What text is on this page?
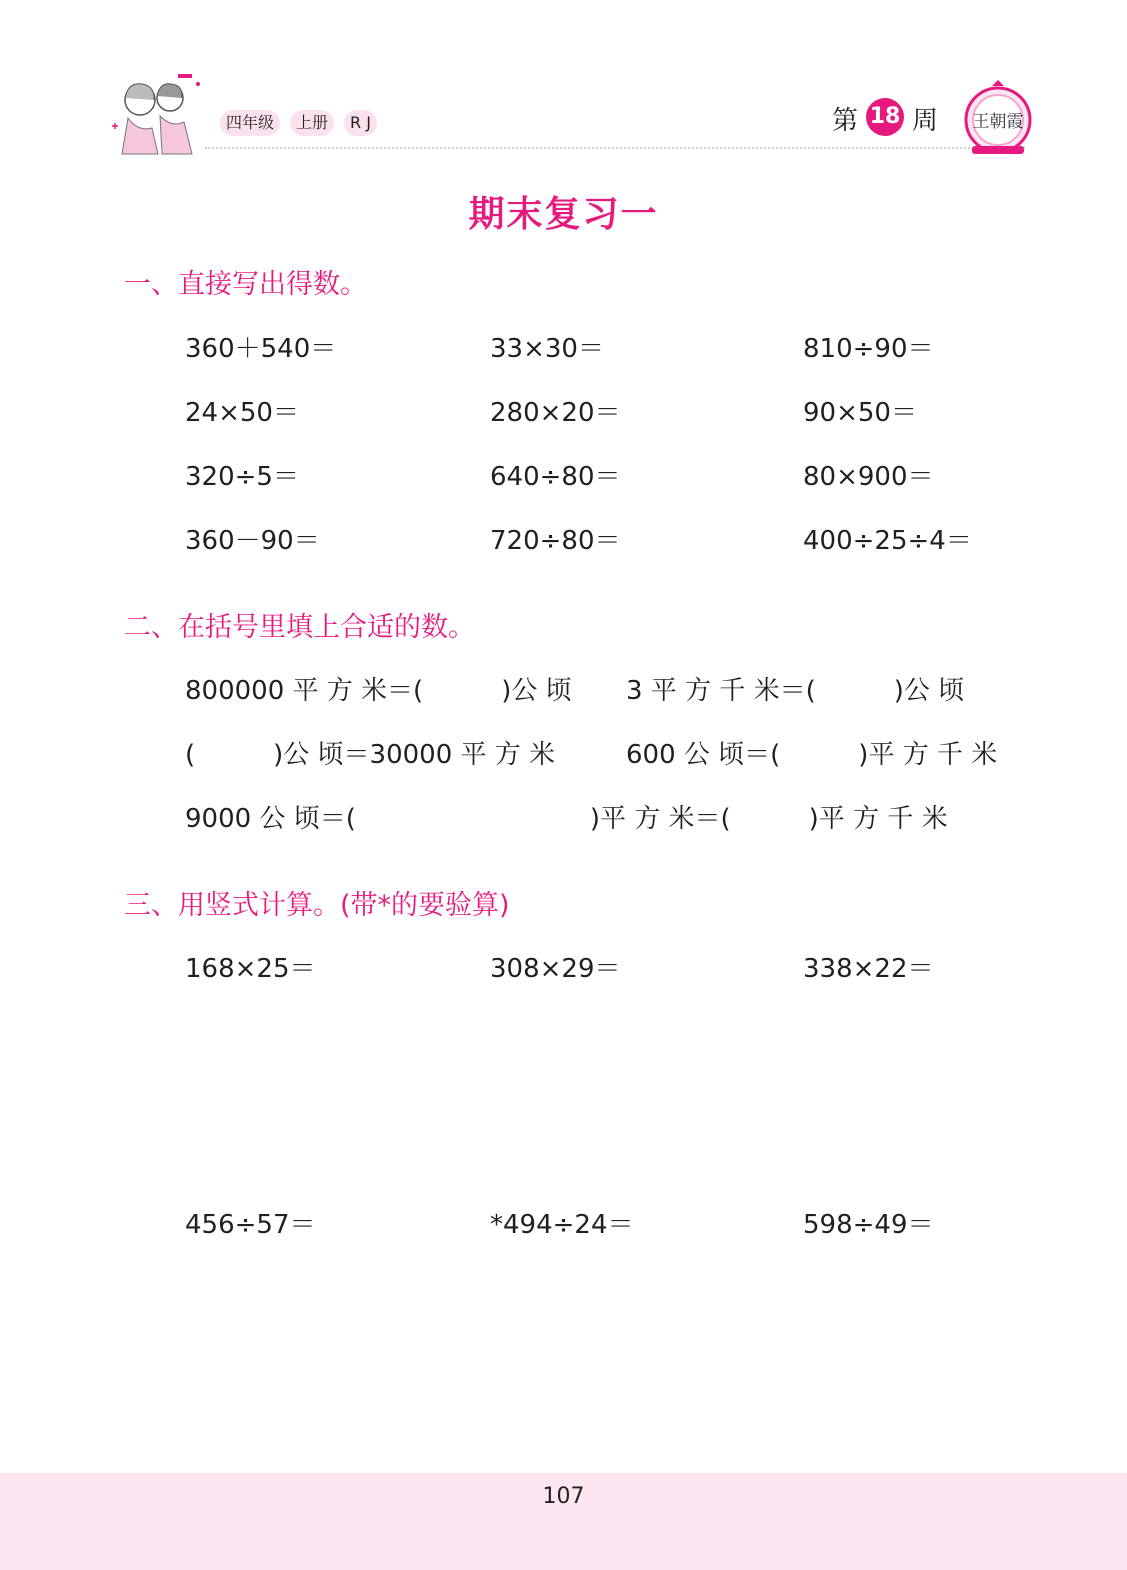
四年级	上册	R J	第 18 周 王朝霞
期末复习一
一、直接写出得数。
360＋540＝	33×30＝	810÷90＝
24×50＝	280×20＝	90×50＝
320÷5＝	640÷80＝	80×900＝
360－90＝	720÷80＝	400÷25÷4＝
二、在括号里填上合适的数。
800000 平 方 米＝(　　　)公 顷 3 平 方 千 米＝(　　　)公 顷
(　　　)公 顷＝30000 平 方 米	600 公 顷＝(　　　)平 方 千 米
9000 公 顷＝(　　　　　　　　　)平 方 米＝(　　　)平 方 千 米
三、用竖式计算。(带*的要验算)
168×25＝	308×29＝	338×22＝
456÷57＝	*494÷24＝	598÷49＝
107
